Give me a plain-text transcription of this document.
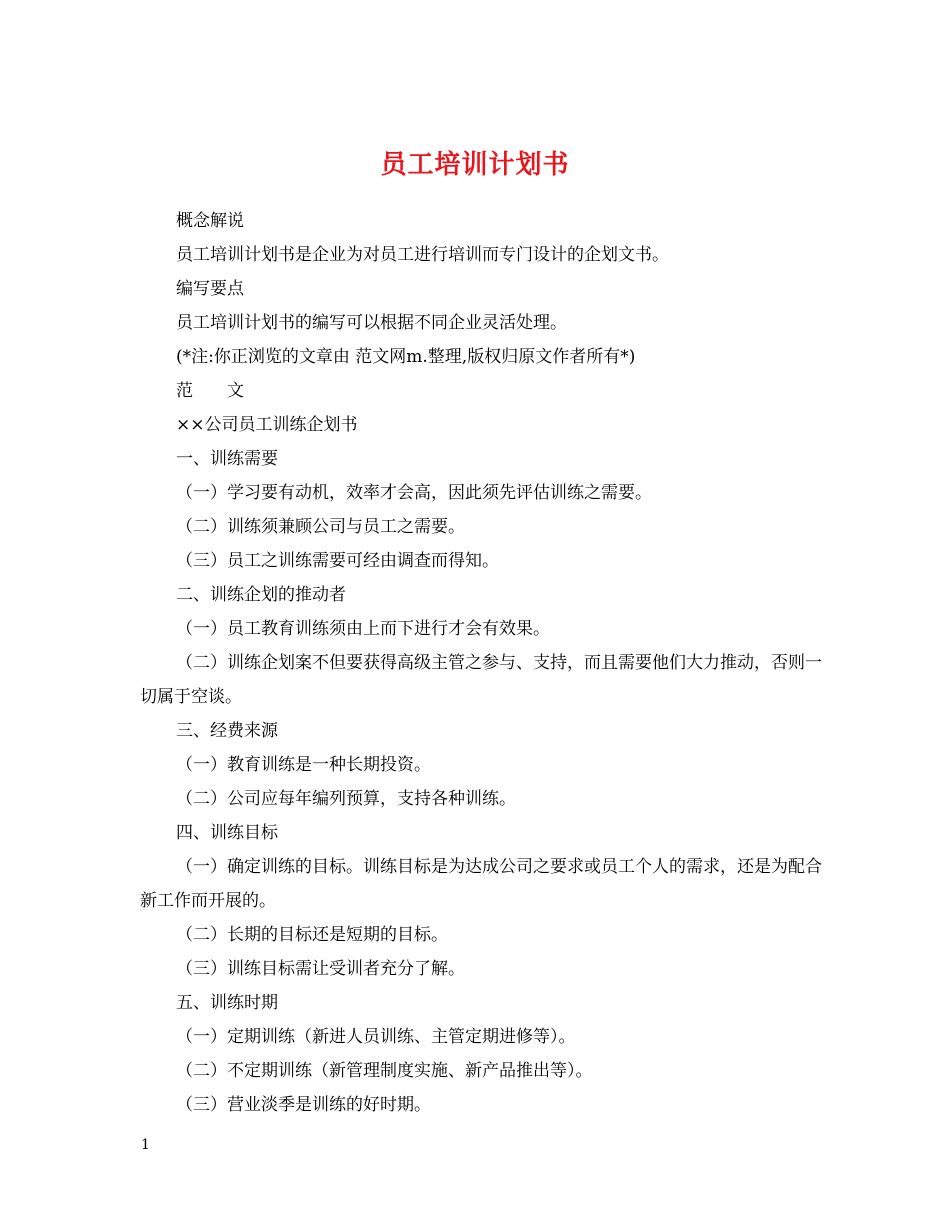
员工培训计划书

概念解说

员工培训计划书是企业为对员工进行培训而专门设计的企划文书。

编写要点

员工培训计划书的编写可以根据不同企业灵活处理。

(*注:你正浏览的文章由 范文网m.整理,版权归原文作者所有*)

范　　文

××公司员工训练企划书

一、训练需要

（一）学习要有动机，效率才会高，因此须先评估训练之需要。

（二）训练须兼顾公司与员工之需要。

（三）员工之训练需要可经由调查而得知。

二、训练企划的推动者

（一）员工教育训练须由上而下进行才会有效果。

（二）训练企划案不但要获得高级主管之参与、支持，而且需要他们大力推动，否则一切属于空谈。

三、经费来源

（一）教育训练是一种长期投资。

（二）公司应每年编列预算，支持各种训练。

四、训练目标

（一）确定训练的目标。训练目标是为达成公司之要求或员工个人的需求，还是为配合新工作而开展的。

（二）长期的目标还是短期的目标。

（三）训练目标需让受训者充分了解。

五、训练时期

（一）定期训练（新进人员训练、主管定期进修等）。

（二）不定期训练（新管理制度实施、新产品推出等）。

（三）营业淡季是训练的好时期。

1
